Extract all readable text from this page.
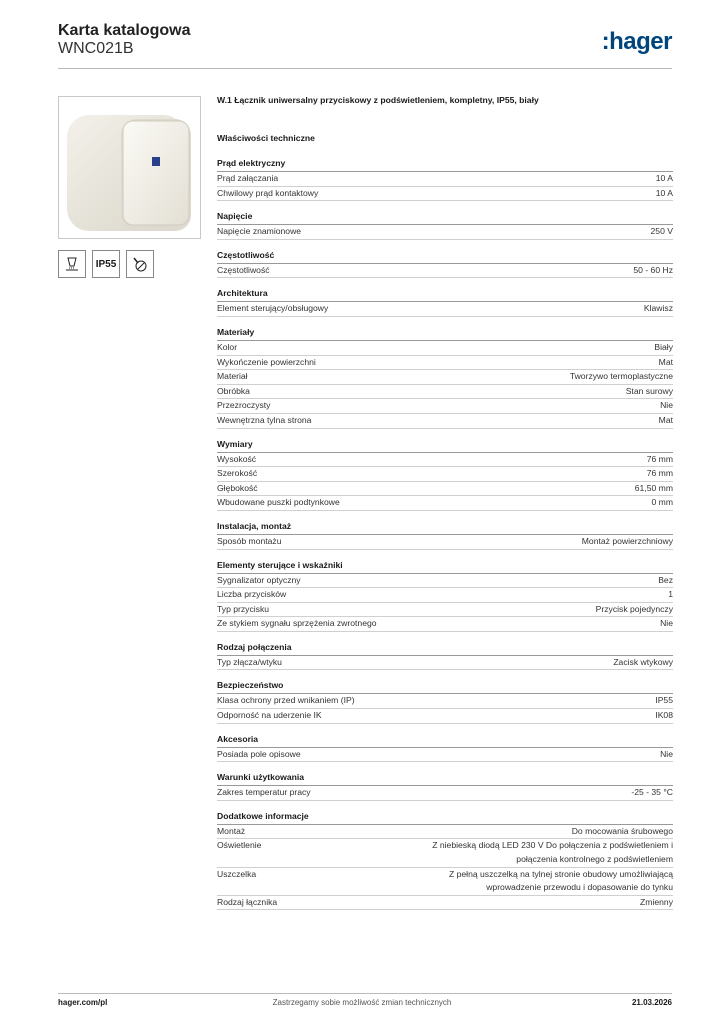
Karta katalogowa
WNC021B	:hager
IP55
W.1 Łącznik uniwersalny przyciskowy z podświetleniem, kompletny, IP55, biały
Właściwości techniczne
Prąd elektryczny
Prąd załączania	10 A
Chwilowy prąd kontaktowy	10 A
Napięcie
Napięcie znamionowe	250 V
Częstotliwość
Częstotliwość	50 - 60 Hz
Architektura
Element sterujący/obsługowy	Klawisz
Materiały
Kolor	Biały
Wykończenie powierzchni	Mat
Materiał	Tworzywo termoplastyczne
Obróbka	Stan surowy
Przezroczysty	Nie
Wewnętrzna tylna strona	Mat
Wymiary
Wysokość	76 mm
Szerokość	76 mm
Głębokość	61,50 mm
Wbudowane puszki podtynkowe	0 mm
Instalacja, montaż
Sposób montażu	Montaż powierzchniowy
Elementy sterujące i wskaźniki
Sygnalizator optyczny	Bez
Liczba przycisków	1
Typ przycisku	Przycisk pojedynczy
Ze stykiem sygnału sprzężenia zwrotnego	Nie
Rodzaj połączenia
Typ złącza/wtyku	Zacisk wtykowy
Bezpieczeństwo
Klasa ochrony przed wnikaniem (IP)	IP55
Odporność na uderzenie IK	IK08
Akcesoria
Posiada pole opisowe	Nie
Warunki użytkowania
Zakres temperatur pracy	-25 - 35 °C
Dodatkowe informacje
Montaż	Do mocowania śrubowego
Oświetlenie	Z niebieską diodą LED 230 V Do połączenia z podświetleniem i połączenia kontrolnego z podświetleniem
Uszczelka	Z pełną uszczelką na tylnej stronie obudowy umożliwiającą wprowadzenie przewodu i dopasowanie do tynku
Rodzaj łącznika	Zmienny
hager.com/pl	Zastrzegamy sobie możliwość zmian technicznych	21.03.2026
